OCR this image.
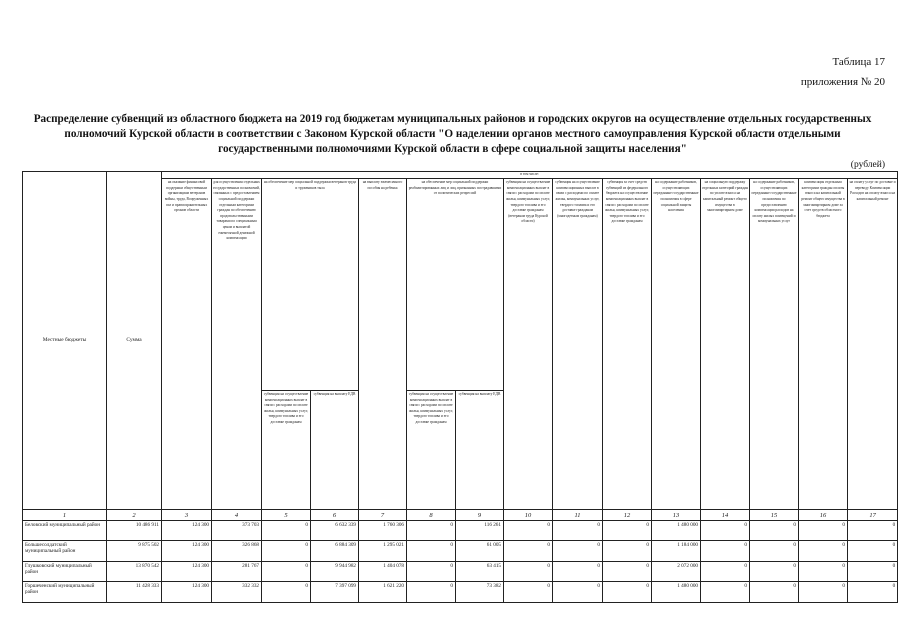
Таблица 17
приложения № 20
Распределение субвенций из областного бюджета на 2019 год бюджетам муниципальных районов и городских округов на осуществление отдельных государственных
полномочий Курской области в соответствии с Законом Курской области "О наделении органов местного самоуправления Курской области отдельными
государственными полномочиями Курской области в сфере социальной защиты населения"
(рублей)
Местные бюджеты	Сумма	в том числе:														
		на оказание финансовой поддержки общественным организациям ветеранов войны, труда, Вооруженных сил и правоохранительных органов области	для осуществления отдельных государственных полномочий, связанных с предоставлением социальной поддержки отдельным категориям граждан по обеспечению продовольственными товарами по специальным ценам и выплатой ежемесячной денежной компенсации	на обеспечение мер социальной поддержки ветеранов труда и тружеников тыла		на выплату ежемесячного пособия на ребенка	на обеспечение мер социальной поддержки реабилитированных лиц и лиц, признанных пострадавшими от политических репрессий		субвенция на осуществление компенсационных выплат в связи с расходами по оплате жилья, коммунальных услуг, твердого топлива и его доставке гражданам (ветеранам труда Курской области)	субвенция на осуществление компенсационных выплат в связи с расходами по оплате жилья, коммунальных услуг, твердого топлива и его доставке гражданам (многодетным гражданам)	субвенция за счет средств субвенций из федерального бюджета на осуществление компенсационных выплат в связи с расходами по оплате жилья, коммунальных услуг, твердого топлива и его доставке гражданам	на содержание работников, осуществляющих переданные государственные полномочия в сфере социальной защиты населения	на социальную поддержку отдельных категорий граждан по уплате взноса на капитальный ремонт общего имущества в многоквартирном доме	на содержание работников, осуществляющих переданные государственные полномочия по предоставлению компенсации расходов на оплату жилых помещений и коммунальных услуг	компенсация отдельным категориям граждан оплаты взноса на капитальный ремонт общего имущества в многоквартирном доме за счет средств областного бюджета	на оплату услуг по доставке и переводу Компенсации Расходов на оплату взноса на капитальный ремонт
				субвенция на осуществление компенсационных выплат в связи с расходами по оплате жилья, коммунальных услуг, твердого топлива и его доставке гражданам	субвенция на выплату ЕДВ		субвенция на осуществление компенсационных выплат в связи с расходами по оплате жилья, коммунальных услуг, твердого топлива и его доставке гражданам	субвенция на выплату ЕДВ								
1	2	3	4	5	6	7	8	9	10	11	12	13	14	15	16	17
Беловский муниципальный район	10 486 911	124 300	373 703	0	6 632 339	1 760 306	0	116 261	0	0	0	1 480 000	0	0	0	0
Большесолдатский муниципальный район	9 875 502	124 300	326 868	0	6 884 309	1 295 021	0	61 005	0	0	0	1 184 000	0	0	0	0
Глушковский муниципальный район	13 870 542	124 300	281 767	0	9 944 982	1 404 078	0	63 415	0	0	0	2 072 000	0	0	0	0
Горшеченский муниципальный район	11 428 333	124 300	332 332	0	7 397 099	1 621 220	0	73 382	0	0	0	1 480 000	0	0	0	0
